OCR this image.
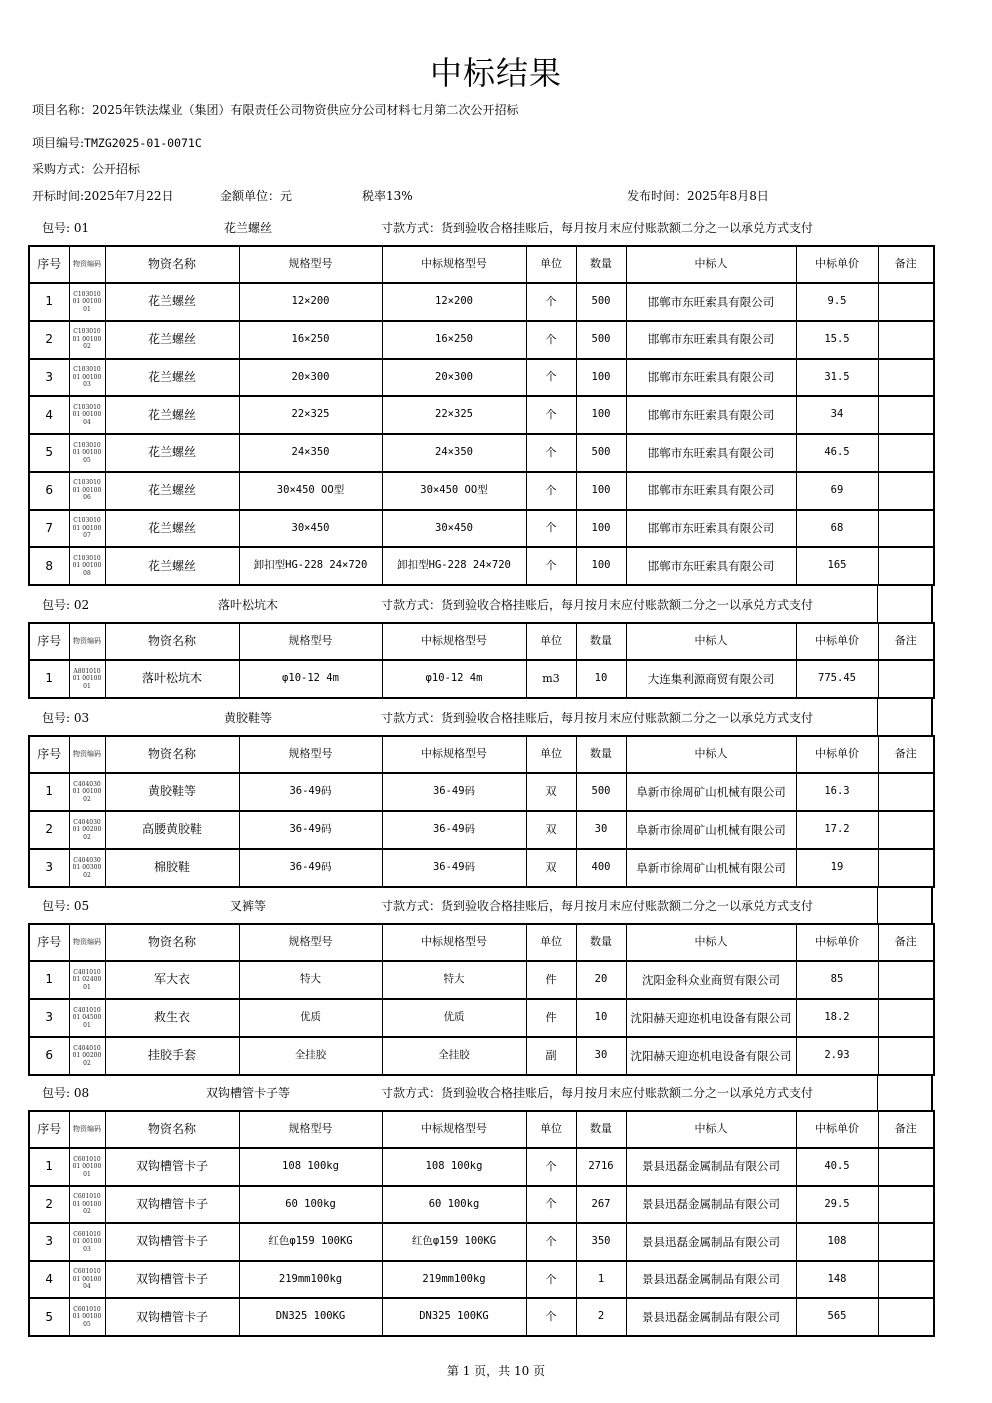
中标结果
项目名称：2025年铁法煤业（集团）有限责任公司物资供应分公司材料七月第二次公开招标
项目编号:TMZG2025-01-0071C
采购方式：公开招标
开标时间:2025年7月22日	金额单位：元	税率13%	发布时间：2025年8月8日
包号: 01	花兰螺丝	寸款方式：货到验收合格挂账后，每月按月末应付账款额二分之一以承兑方式支付
序号	物资编码	物资名称	规格型号	中标规格型号	单位	数量	中标人	中标单价	备注
1	C10301001 0010001	花兰螺丝	12×200	12×200	个	500	邯郸市东旺索具有限公司	9.5	
2	C10301001 0010002	花兰螺丝	16×250	16×250	个	500	邯郸市东旺索具有限公司	15.5	
3	C10301001 0010003	花兰螺丝	20×300	20×300	个	100	邯郸市东旺索具有限公司	31.5	
4	C10301001 0010004	花兰螺丝	22×325	22×325	个	100	邯郸市东旺索具有限公司	34	
5	C10301001 0010005	花兰螺丝	24×350	24×350	个	500	邯郸市东旺索具有限公司	46.5	
6	C10301001 0010006	花兰螺丝	30×450 OO型	30×450 OO型	个	100	邯郸市东旺索具有限公司	69	
7	C10301001 0010007	花兰螺丝	30×450	30×450	个	100	邯郸市东旺索具有限公司	68	
8	C10301001 0010008	花兰螺丝	卸扣型HG-228 24×720	卸扣型HG-228 24×720	个	100	邯郸市东旺索具有限公司	165	
包号: 02	落叶松坑木	寸款方式：货到验收合格挂账后，每月按月末应付账款额二分之一以承兑方式支付
序号	物资编码	物资名称	规格型号	中标规格型号	单位	数量	中标人	中标单价	备注
1	A80101001 0010001	落叶松坑木	φ10-12 4m	φ10-12 4m	m3	10	大连集利源商贸有限公司	775.45	
包号: 03	黄胶鞋等	寸款方式：货到验收合格挂账后，每月按月末应付账款额二分之一以承兑方式支付
序号	物资编码	物资名称	规格型号	中标规格型号	单位	数量	中标人	中标单价	备注
1	C40403001 0010002	黄胶鞋等	36-49码	36-49码	双	500	阜新市徐周矿山机械有限公司	16.3	
2	C40403001 0020002	高腰黄胶鞋	36-49码	36-49码	双	30	阜新市徐周矿山机械有限公司	17.2	
3	C40403001 0030002	棉胶鞋	36-49码	36-49码	双	400	阜新市徐周矿山机械有限公司	19	
包号: 05	叉裤等	寸款方式：货到验收合格挂账后，每月按月末应付账款额二分之一以承兑方式支付
序号	物资编码	物资名称	规格型号	中标规格型号	单位	数量	中标人	中标单价	备注
1	C40101001 0240001	军大衣	特大	特大	件	20	沈阳金科众业商贸有限公司	85	
3	C40101001 0450001	救生衣	优质	优质	件	10	沈阳赫天迎迩机电设备有限公司	18.2	
6	C40401001 0020002	挂胶手套	全挂胶	全挂胶	副	30	沈阳赫天迎迩机电设备有限公司	2.93	
包号: 08	双钩槽管卡子等	寸款方式：货到验收合格挂账后，每月按月末应付账款额二分之一以承兑方式支付
序号	物资编码	物资名称	规格型号	中标规格型号	单位	数量	中标人	中标单价	备注
1	C60101001 0010001	双钩槽管卡子	108 100kg	108 100kg	个	2716	景县迅磊金属制品有限公司	40.5	
2	C60101001 0010002	双钩槽管卡子	60 100kg	60 100kg	个	267	景县迅磊金属制品有限公司	29.5	
3	C60101001 0010003	双钩槽管卡子	红色φ159 100KG	红色φ159 100KG	个	350	景县迅磊金属制品有限公司	108	
4	C60101001 0010004	双钩槽管卡子	219mm100kg	219mm100kg	个	1	景县迅磊金属制品有限公司	148	
5	C60101001 0010005	双钩槽管卡子	DN325 100KG	DN325 100KG	个	2	景县迅磊金属制品有限公司	565	
第 1 页，共 10 页
